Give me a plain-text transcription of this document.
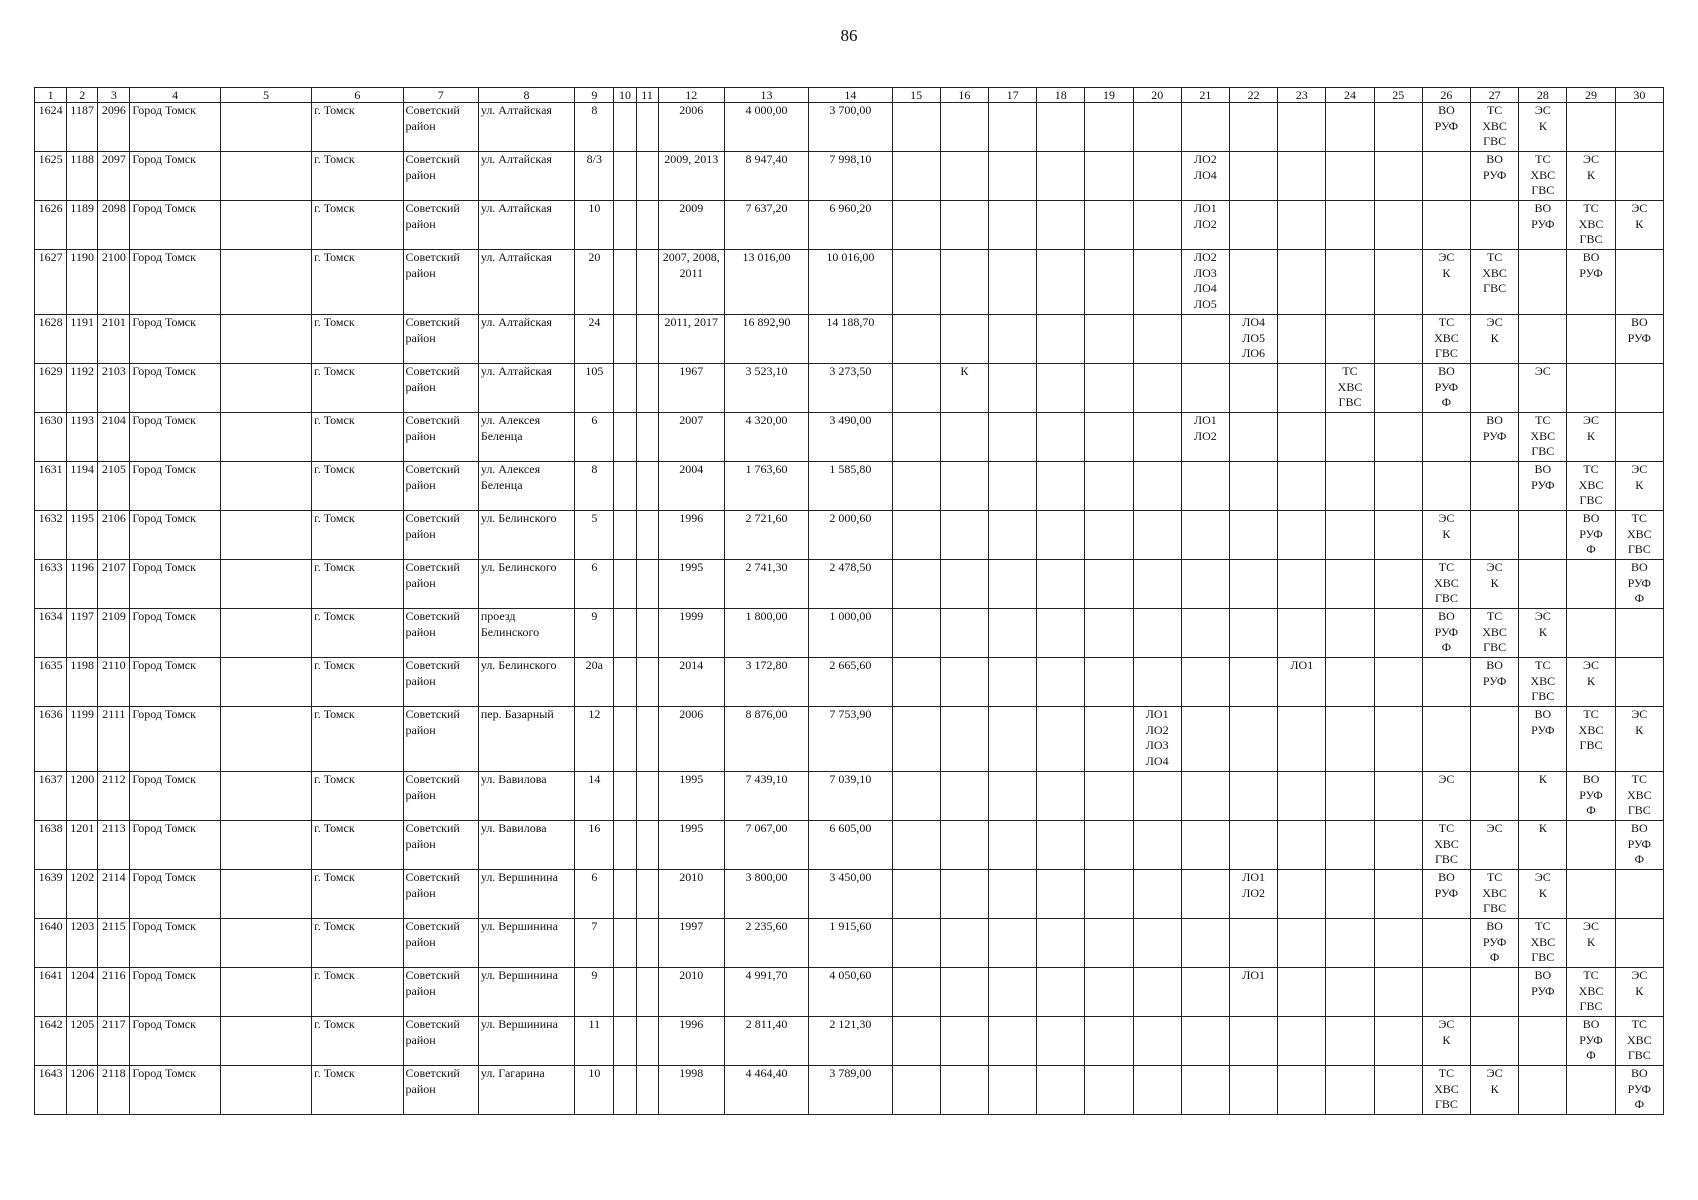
86
1	2	3	4	5	6	7	8	9	10	11	12	13	14	15	16	17	18	19	20	21	22	23	24	25	26	27	28	29	30
1624	1187	2096	Город Томск		г. Томск	Советский район	ул. Алтайская	8			2006	4 000,00	3 700,00												ВО РУФ	ТС ХВС ГВС	ЭС К		
1625	1188	2097	Город Томск		г. Томск	Советский район	ул. Алтайская	8/3			2009, 2013	8 947,40	7 998,10							ЛО2 ЛО4						ВО РУФ	ТС ХВС ГВС	ЭС К	
1626	1189	2098	Город Томск		г. Томск	Советский район	ул. Алтайская	10			2009	7 637,20	6 960,20							ЛО1 ЛО2							ВО РУФ	ТС ХВС ГВС	ЭС К
1627	1190	2100	Город Томск		г. Томск	Советский район	ул. Алтайская	20			2007, 2008, 2011	13 016,00	10 016,00							ЛО2 ЛО3 ЛО4 ЛО5					ЭС К	ТС ХВС ГВС		ВО РУФ	
1628	1191	2101	Город Томск		г. Томск	Советский район	ул. Алтайская	24			2011, 2017	16 892,90	14 188,70								ЛО4 ЛО5 ЛО6				ТС ХВС ГВС	ЭС К			ВО РУФ
1629	1192	2103	Город Томск		г. Томск	Советский район	ул. Алтайская	105			1967	3 523,10	3 273,50		К								ТС ХВС ГВС		ВО РУФ Ф		ЭС		
1630	1193	2104	Город Томск		г. Томск	Советский район	ул. Алексея Беленца	6			2007	4 320,00	3 490,00							ЛО1 ЛО2						ВО РУФ	ТС ХВС ГВС	ЭС К	
1631	1194	2105	Город Томск		г. Томск	Советский район	ул. Алексея Беленца	8			2004	1 763,60	1 585,80														ВО РУФ	ТС ХВС ГВС	ЭС К
1632	1195	2106	Город Томск		г. Томск	Советский район	ул. Белинского	5			1996	2 721,60	2 000,60												ЭС К			ВО РУФ Ф	ТС ХВС ГВС
1633	1196	2107	Город Томск		г. Томск	Советский район	ул. Белинского	6			1995	2 741,30	2 478,50												ТС ХВС ГВС	ЭС К			ВО РУФ Ф
1634	1197	2109	Город Томск		г. Томск	Советский район	проезд Белинского	9			1999	1 800,00	1 000,00												ВО РУФ Ф	ТС ХВС ГВС	ЭС К		
1635	1198	2110	Город Томск		г. Томск	Советский район	ул. Белинского	20а			2014	3 172,80	2 665,60									ЛО1				ВО РУФ	ТС ХВС ГВС	ЭС К	
1636	1199	2111	Город Томск		г. Томск	Советский район	пер. Базарный	12			2006	8 876,00	7 753,90						ЛО1 ЛО2 ЛО3 ЛО4								ВО РУФ	ТС ХВС ГВС	ЭС К
1637	1200	2112	Город Томск		г. Томск	Советский район	ул. Вавилова	14			1995	7 439,10	7 039,10												ЭС		К	ВО РУФ Ф	ТС ХВС ГВС
1638	1201	2113	Город Томск		г. Томск	Советский район	ул. Вавилова	16			1995	7 067,00	6 605,00												ТС ХВС ГВС	ЭС	К		ВО РУФ Ф
1639	1202	2114	Город Томск		г. Томск	Советский район	ул. Вершинина	6			2010	3 800,00	3 450,00								ЛО1 ЛО2				ВО РУФ	ТС ХВС ГВС	ЭС К		
1640	1203	2115	Город Томск		г. Томск	Советский район	ул. Вершинина	7			1997	2 235,60	1 915,60													ВО РУФ Ф	ТС ХВС ГВС	ЭС К	
1641	1204	2116	Город Томск		г. Томск	Советский район	ул. Вершинина	9			2010	4 991,70	4 050,60								ЛО1						ВО РУФ	ТС ХВС ГВС	ЭС К
1642	1205	2117	Город Томск		г. Томск	Советский район	ул. Вершинина	11			1996	2 811,40	2 121,30												ЭС К			ВО РУФ Ф	ТС ХВС ГВС
1643	1206	2118	Город Томск		г. Томск	Советский район	ул. Гагарина	10			1998	4 464,40	3 789,00												ТС ХВС ГВС	ЭС К			ВО РУФ Ф
